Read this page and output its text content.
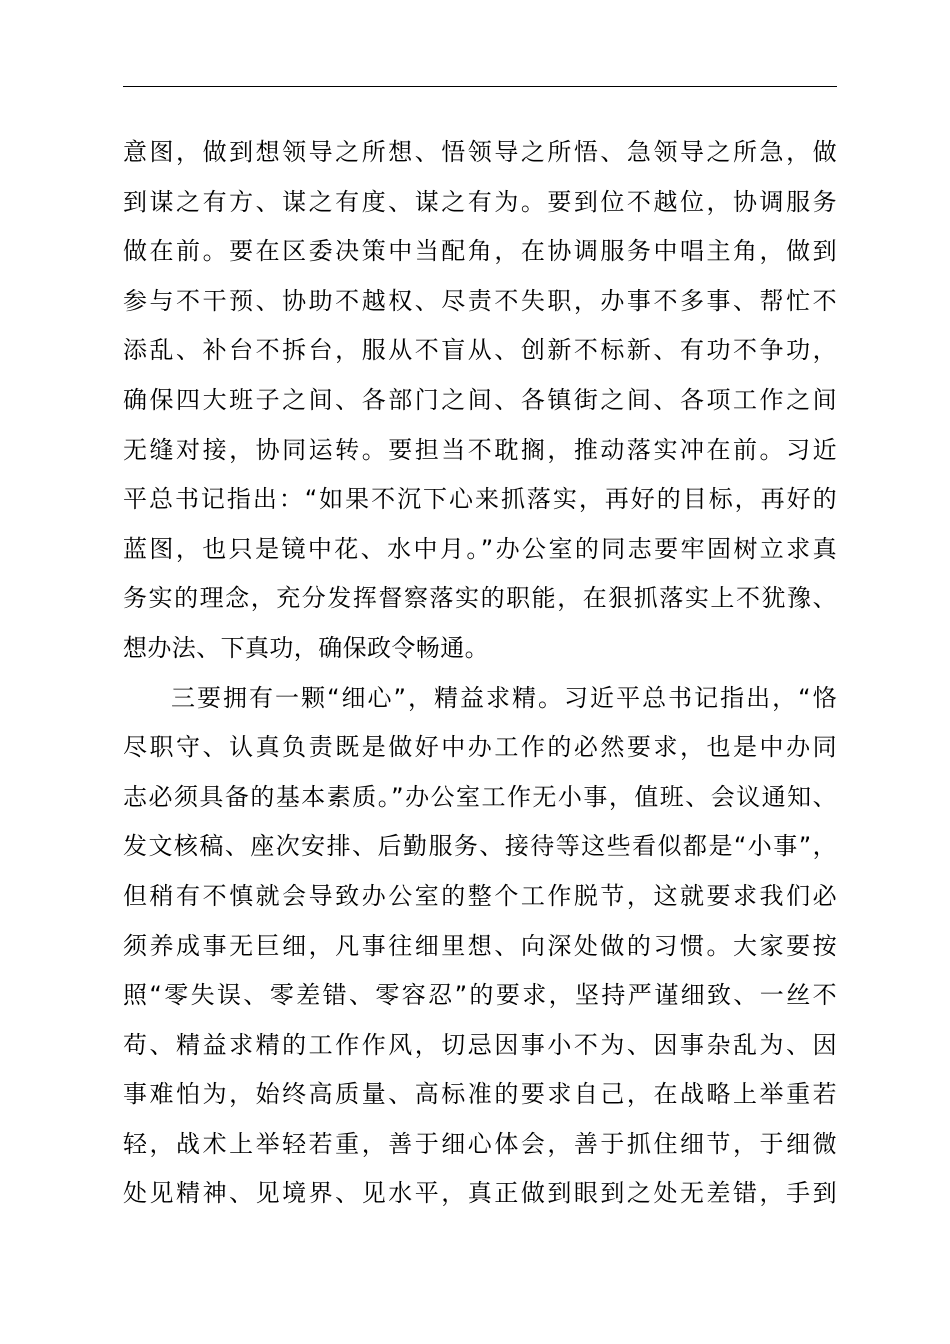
意图，做到想领导之所想、悟领导之所悟、急领导之所急，做
到谋之有方、谋之有度、谋之有为。要到位不越位，协调服务
做在前。要在区委决策中当配角，在协调服务中唱主角，做到
参与不干预、协助不越权、尽责不失职，办事不多事、帮忙不
添乱、补台不拆台，服从不盲从、创新不标新、有功不争功，
确保四大班子之间、各部门之间、各镇街之间、各项工作之间
无缝对接，协同运转。要担当不耽搁，推动落实冲在前。习近
平总书记指出：“如果不沉下心来抓落实，再好的目标，再好的
蓝图，也只是镜中花、水中月。”办公室的同志要牢固树立求真
务实的理念，充分发挥督察落实的职能，在狠抓落实上不犹豫、
想办法、下真功，确保政令畅通。
三要拥有一颗“细心”，精益求精。习近平总书记指出，“恪
尽职守、认真负责既是做好中办工作的必然要求，也是中办同
志必须具备的基本素质。”办公室工作无小事，值班、会议通知、
发文核稿、座次安排、后勤服务、接待等这些看似都是“小事”，
但稍有不慎就会导致办公室的整个工作脱节，这就要求我们必
须养成事无巨细，凡事往细里想、向深处做的习惯。大家要按
照“零失误、零差错、零容忍”的要求，坚持严谨细致、一丝不
苟、精益求精的工作作风，切忌因事小不为、因事杂乱为、因
事难怕为，始终高质量、高标准的要求自己，在战略上举重若
轻，战术上举轻若重，善于细心体会，善于抓住细节，于细微
处见精神、见境界、见水平，真正做到眼到之处无差错，手到
